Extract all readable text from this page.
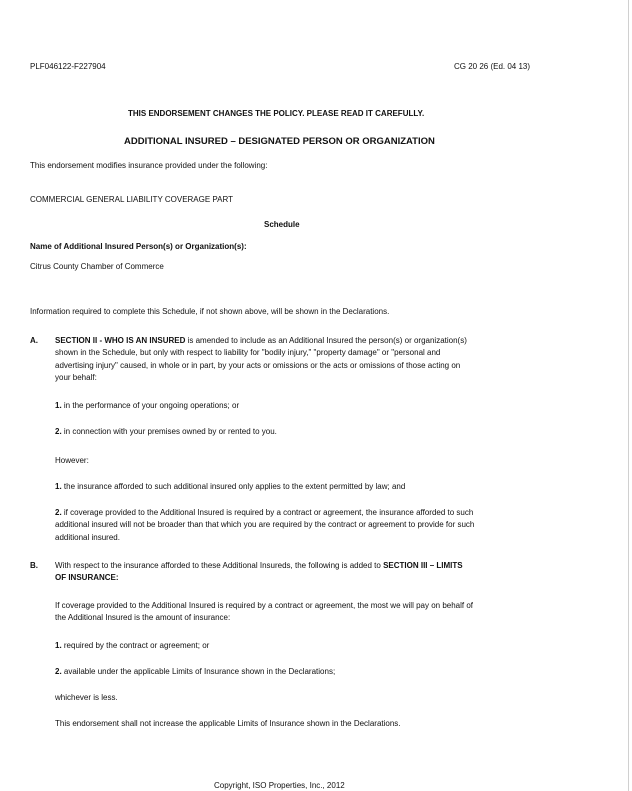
PLF046122-F227904	CG 20 26 (Ed. 04 13)
THIS ENDORSEMENT CHANGES THE POLICY. PLEASE READ IT CAREFULLY.
ADDITIONAL INSURED – DESIGNATED PERSON OR ORGANIZATION
This endorsement modifies insurance provided under the following:
COMMERCIAL GENERAL LIABILITY COVERAGE PART
Schedule
Name of Additional Insured Person(s) or Organization(s):
Citrus County Chamber of Commerce
Information required to complete this Schedule, if not shown above, will be shown in the Declarations.
A. SECTION II - WHO IS AN INSURED is amended to include as an Additional Insured the person(s) or organization(s) shown in the Schedule, but only with respect to liability for "bodily injury," "property damage" or "personal and advertising injury" caused, in whole or in part, by your acts or omissions or the acts or omissions of those acting on your behalf:
1. in the performance of your ongoing operations; or
2. in connection with your premises owned by or rented to you.
However:
1. the insurance afforded to such additional insured only applies to the extent permitted by law; and
2. if coverage provided to the Additional Insured is required by a contract or agreement, the insurance afforded to such additional insured will not be broader than that which you are required by the contract or agreement to provide for such additional insured.
B. With respect to the insurance afforded to these Additional Insureds, the following is added to SECTION III – LIMITS OF INSURANCE:
If coverage provided to the Additional Insured is required by a contract or agreement, the most we will pay on behalf of the Additional Insured is the amount of insurance:
1. required by the contract or agreement; or
2. available under the applicable Limits of Insurance shown in the Declarations;
whichever is less.
This endorsement shall not increase the applicable Limits of Insurance shown in the Declarations.
Copyright, ISO Properties, Inc., 2012
